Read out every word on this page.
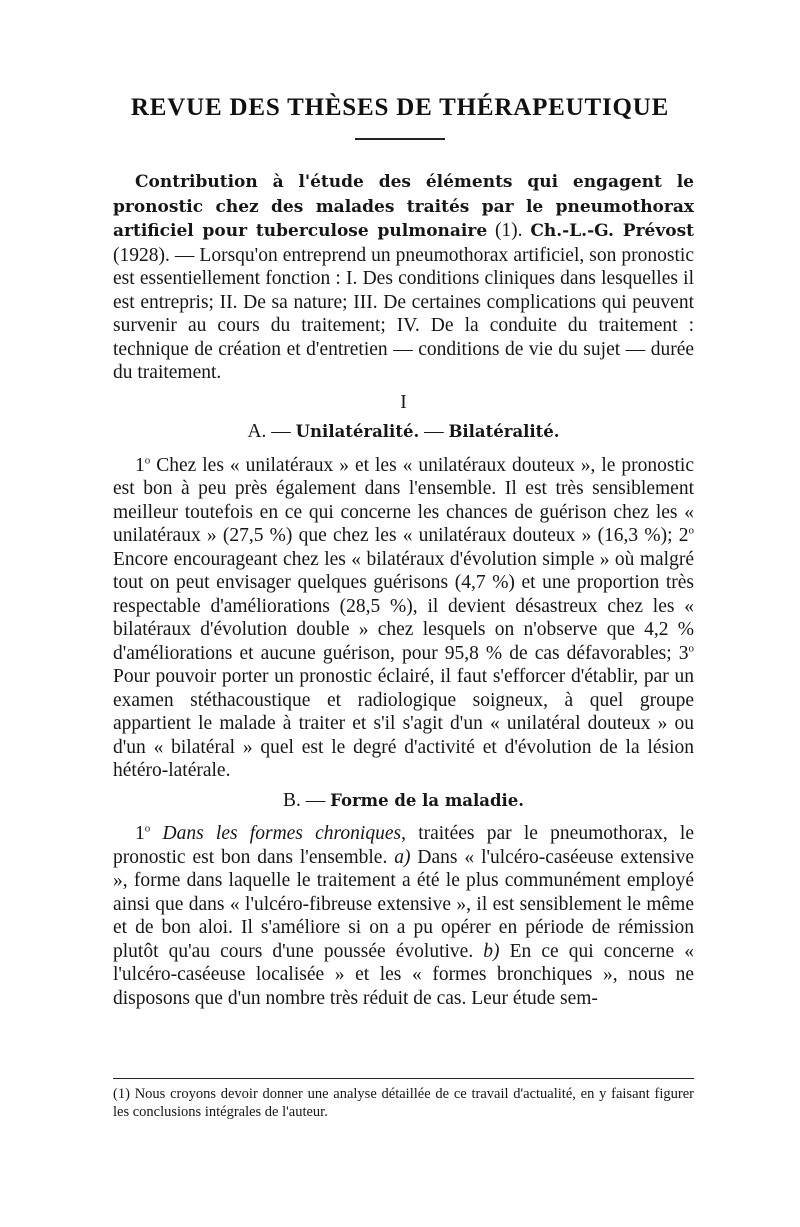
REVUE DES THÈSES DE THÉRAPEUTIQUE

Contribution à l'étude des éléments qui engagent le pronostic chez des malades traités par le pneumothorax artificiel pour tuberculose pulmonaire (1). Ch.-L.-G. Prévost (1928). — Lorsqu'on entreprend un pneumothorax artificiel, son pronostic est essentiellement fonction : I. Des conditions cliniques dans lesquelles il est entrepris; II. De sa nature; III. De certaines complications qui peuvent survenir au cours du traitement; IV. De la conduite du traitement : technique de création et d'entretien — conditions de vie du sujet — durée du traitement.

I

A. — Unilatéralité. — Bilatéralité.

1$^o$ Chez les « unilatéraux » et les « unilatéraux douteux », le pronostic est bon à peu près également dans l'ensemble. Il est très sensiblement meilleur toutefois en ce qui concerne les chances de guérison chez les « unilatéraux » (27,5 %) que chez les « unilatéraux douteux » (16,3 %); 2$^o$ Encore encourageant chez les « bilatéraux d'évolution simple » où malgré tout on peut envisager quelques guérisons (4,7 %) et une proportion très respectable d'améliorations (28,5 %), il devient désastreux chez les « bilatéraux d'évolution double » chez lesquels on n'observe que 4,2 % d'améliorations et aucune guérison, pour 95,8 % de cas défavorables; 3$^o$ Pour pouvoir porter un pronostic éclairé, il faut s'efforcer d'établir, par un examen stéthacoustique et radiologique soigneux, à quel groupe appartient le malade à traiter et s'il s'agit d'un « unilatéral douteux » ou d'un « bilatéral » quel est le degré d'activité et d'évolution de la lésion hétéro-latérale.

B. — Forme de la maladie.

1$^o$ Dans les formes chroniques, traitées par le pneumothorax, le pronostic est bon dans l'ensemble. a) Dans « l'ulcéro-caséeuse extensive », forme dans laquelle le traitement a été le plus communément employé ainsi que dans « l'ulcéro-fibreuse extensive », il est sensiblement le même et de bon aloi. Il s'améliore si on a pu opérer en période de rémission plutôt qu'au cours d'une poussée évolutive. b) En ce qui concerne « l'ulcéro-caséeuse localisée » et les « formes bronchiques », nous ne disposons que d'un nombre très réduit de cas. Leur étude sem-

(1) Nous croyons devoir donner une analyse détaillée de ce travail d'actualité, en y faisant figurer les conclusions intégrales de l'auteur.
